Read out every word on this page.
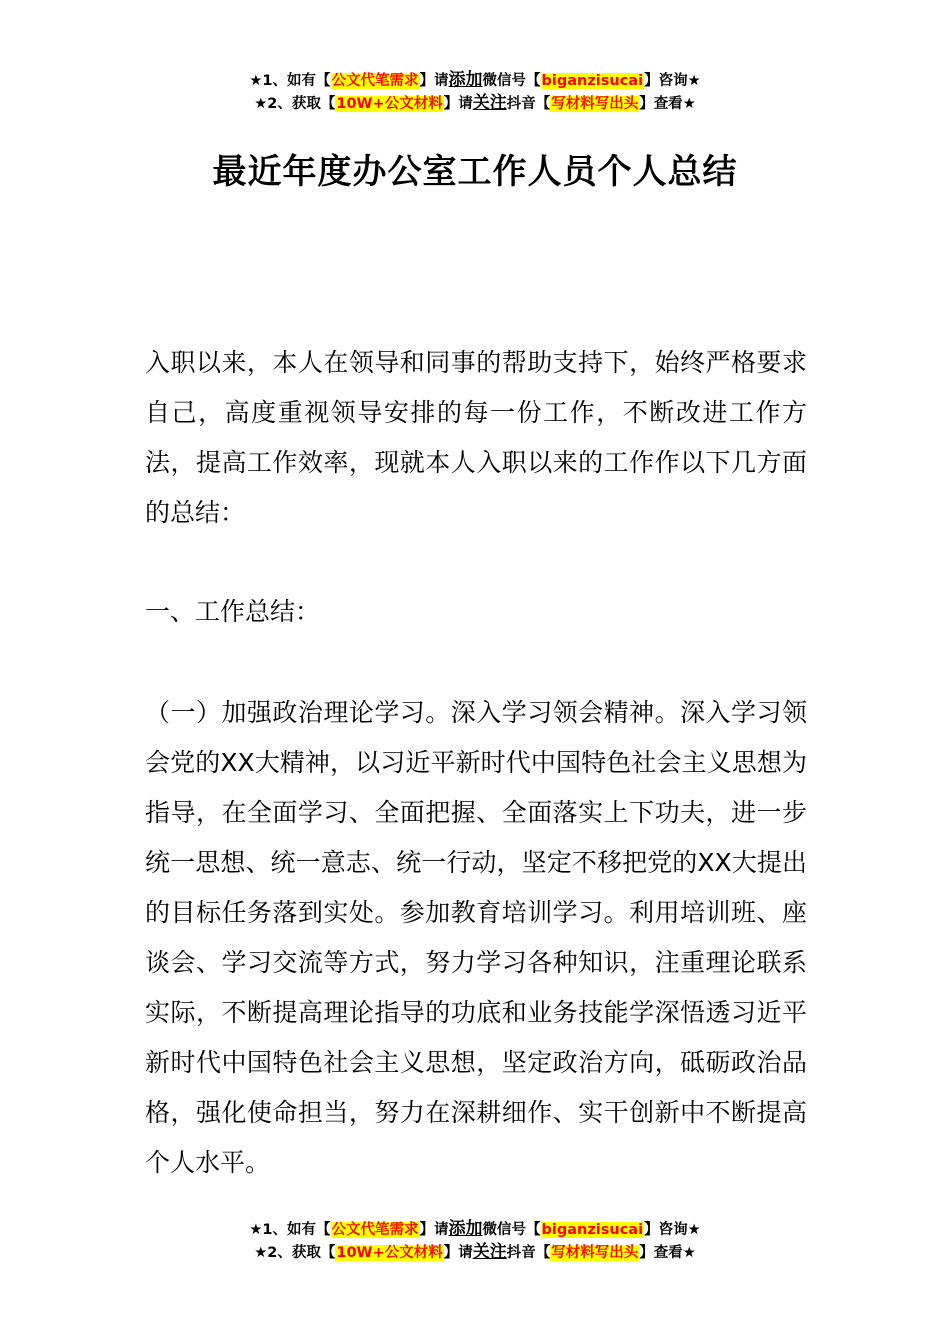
★1、如有【公文代笔需求】请添加微信号【biganzisucai】咨询★
★2、获取【10W+公文材料】请关注抖音【写材料写出头】查看★
最近年度办公室工作人员个人总结
入职以来，本人在领导和同事的帮助支持下，始终严格要求自己，高度重视领导安排的每一份工作，不断改进工作方法，提高工作效率，现就本人入职以来的工作作以下几方面的总结：
一、工作总结：
（一）加强政治理论学习。深入学习领会精神。深入学习领会党的XX大精神，以习近平新时代中国特色社会主义思想为指导，在全面学习、全面把握、全面落实上下功夫，进一步统一思想、统一意志、统一行动，坚定不移把党的XX大提出的目标任务落到实处。参加教育培训学习。利用培训班、座谈会、学习交流等方式，努力学习各种知识，注重理论联系实际，不断提高理论指导的功底和业务技能学深悟透习近平新时代中国特色社会主义思想，坚定政治方向，砥砺政治品格，强化使命担当，努力在深耕细作、实干创新中不断提高个人水平。
★1、如有【公文代笔需求】请添加微信号【biganzisucai】咨询★
★2、获取【10W+公文材料】请关注抖音【写材料写出头】查看★
